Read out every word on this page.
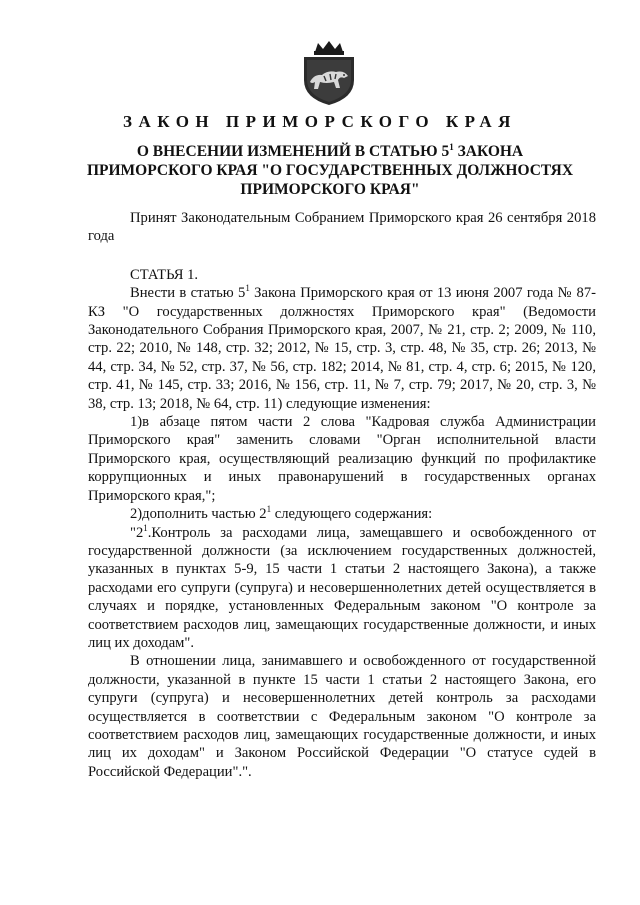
ЗАКОН ПРИМОРСКОГО КРАЯ
О ВНЕСЕНИИ ИЗМЕНЕНИЙ В СТАТЬЮ $5^1$ ЗАКОНА ПРИМОРСКОГО КРАЯ "О ГОСУДАРСТВЕННЫХ ДОЛЖНОСТЯХ ПРИМОРСКОГО КРАЯ"

Принят Законодательным Собранием Приморского края 26 сентября 2018 года

СТАТЬЯ 1.

Внести в статью $5^1$ Закона Приморского края от 13 июня 2007 года № 87-КЗ "О государственных должностях Приморского края" (Ведомости Законодательного Собрания Приморского края, 2007, № 21, стр. 2; 2009, № 110, стр. 22; 2010, № 148, стр. 32; 2012, № 15, стр. 3, стр. 48, № 35, стр. 26; 2013, № 44, стр. 34, № 52, стр. 37, № 56, стр. 182; 2014, № 81, стр. 4, стр. 6; 2015, № 120, стр. 41, № 145, стр. 33; 2016, № 156, стр. 11, № 7, стр. 79; 2017, № 20, стр. 3, № 38, стр. 13; 2018, № 64, стр. 11) следующие изменения:

1)в абзаце пятом части 2 слова "Кадровая служба Администрации Приморского края" заменить словами "Орган исполнительной власти Приморского края, осуществляющий реализацию функций по профилактике коррупционных и иных правонарушений в государственных органах Приморского края,";

2)дополнить частью $2^1$ следующего содержания:

"$2^1.Контроль$ за расходами лица, замещавшего и освобожденного от государственной должности (за исключением государственных должностей, указанных в пунктах 5-9, 15 части 1 статьи 2 настоящего Закона), а также расходами его супруги (супруга) и несовершеннолетних детей осуществляется в случаях и порядке, установленных Федеральным законом "О контроле за соответствием расходов лиц, замещающих государственные должности, и иных лиц их доходам".

В отношении лица, занимавшего и освобожденного от государственной должности, указанной в пункте 15 части 1 статьи 2 настоящего Закона, его супруги (супруга) и несовершеннолетних детей контроль за расходами осуществляется в соответствии с Федеральным законом "О контроле за соответствием расходов лиц, замещающих государственные должности, и иных лиц их доходам" и Законом Российской Федерации "О статусе судей в Российской Федерации".".
